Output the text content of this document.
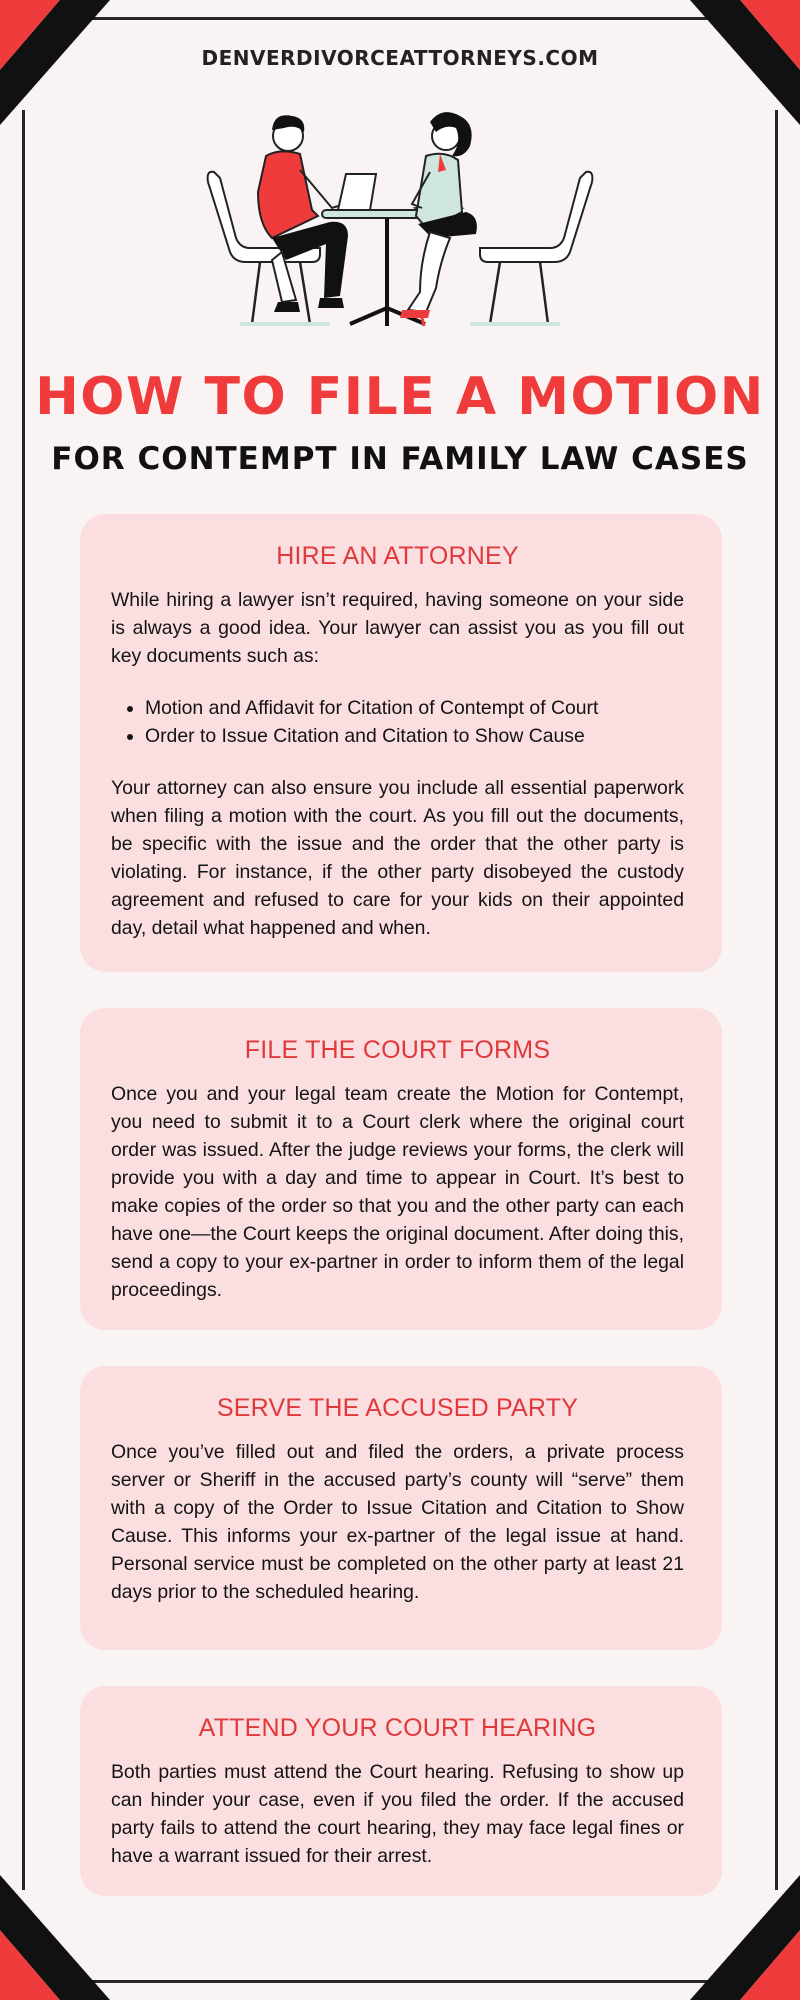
DENVERDIVORCEATTORNEYS.COM
HOW TO FILE A MOTION
FOR CONTEMPT IN FAMILY LAW CASES
HIRE AN ATTORNEY

While hiring a lawyer isn’t required, having someone on your side is always a good idea. Your lawyer can assist you as you fill out key documents such as:

• Motion and Affidavit for Citation of Contempt of Court
• Order to Issue Citation and Citation to Show Cause

Your attorney can also ensure you include all essential paperwork when filing a motion with the court. As you fill out the documents, be specific with the issue and the order that the other party is violating. For instance, if the other party disobeyed the custody agreement and refused to care for your kids on their appointed day, detail what happened and when.

FILE THE COURT FORMS

Once you and your legal team create the Motion for Contempt, you need to submit it to a Court clerk where the original court order was issued. After the judge reviews your forms, the clerk will provide you with a day and time to appear in Court. It’s best to make copies of the order so that you and the other party can each have one—the Court keeps the original document. After doing this, send a copy to your ex-partner in order to inform them of the legal proceedings.

SERVE THE ACCUSED PARTY

Once you’ve filled out and filed the orders, a private process server or Sheriff in the accused party’s county will “serve” them with a copy of the Order to Issue Citation and Citation to Show Cause. This informs your ex-partner of the legal issue at hand. Personal service must be completed on the other party at least 21 days prior to the scheduled hearing.

ATTEND YOUR COURT HEARING

Both parties must attend the Court hearing. Refusing to show up can hinder your case, even if you filed the order. If the accused party fails to attend the court hearing, they may face legal fines or have a warrant issued for their arrest.
